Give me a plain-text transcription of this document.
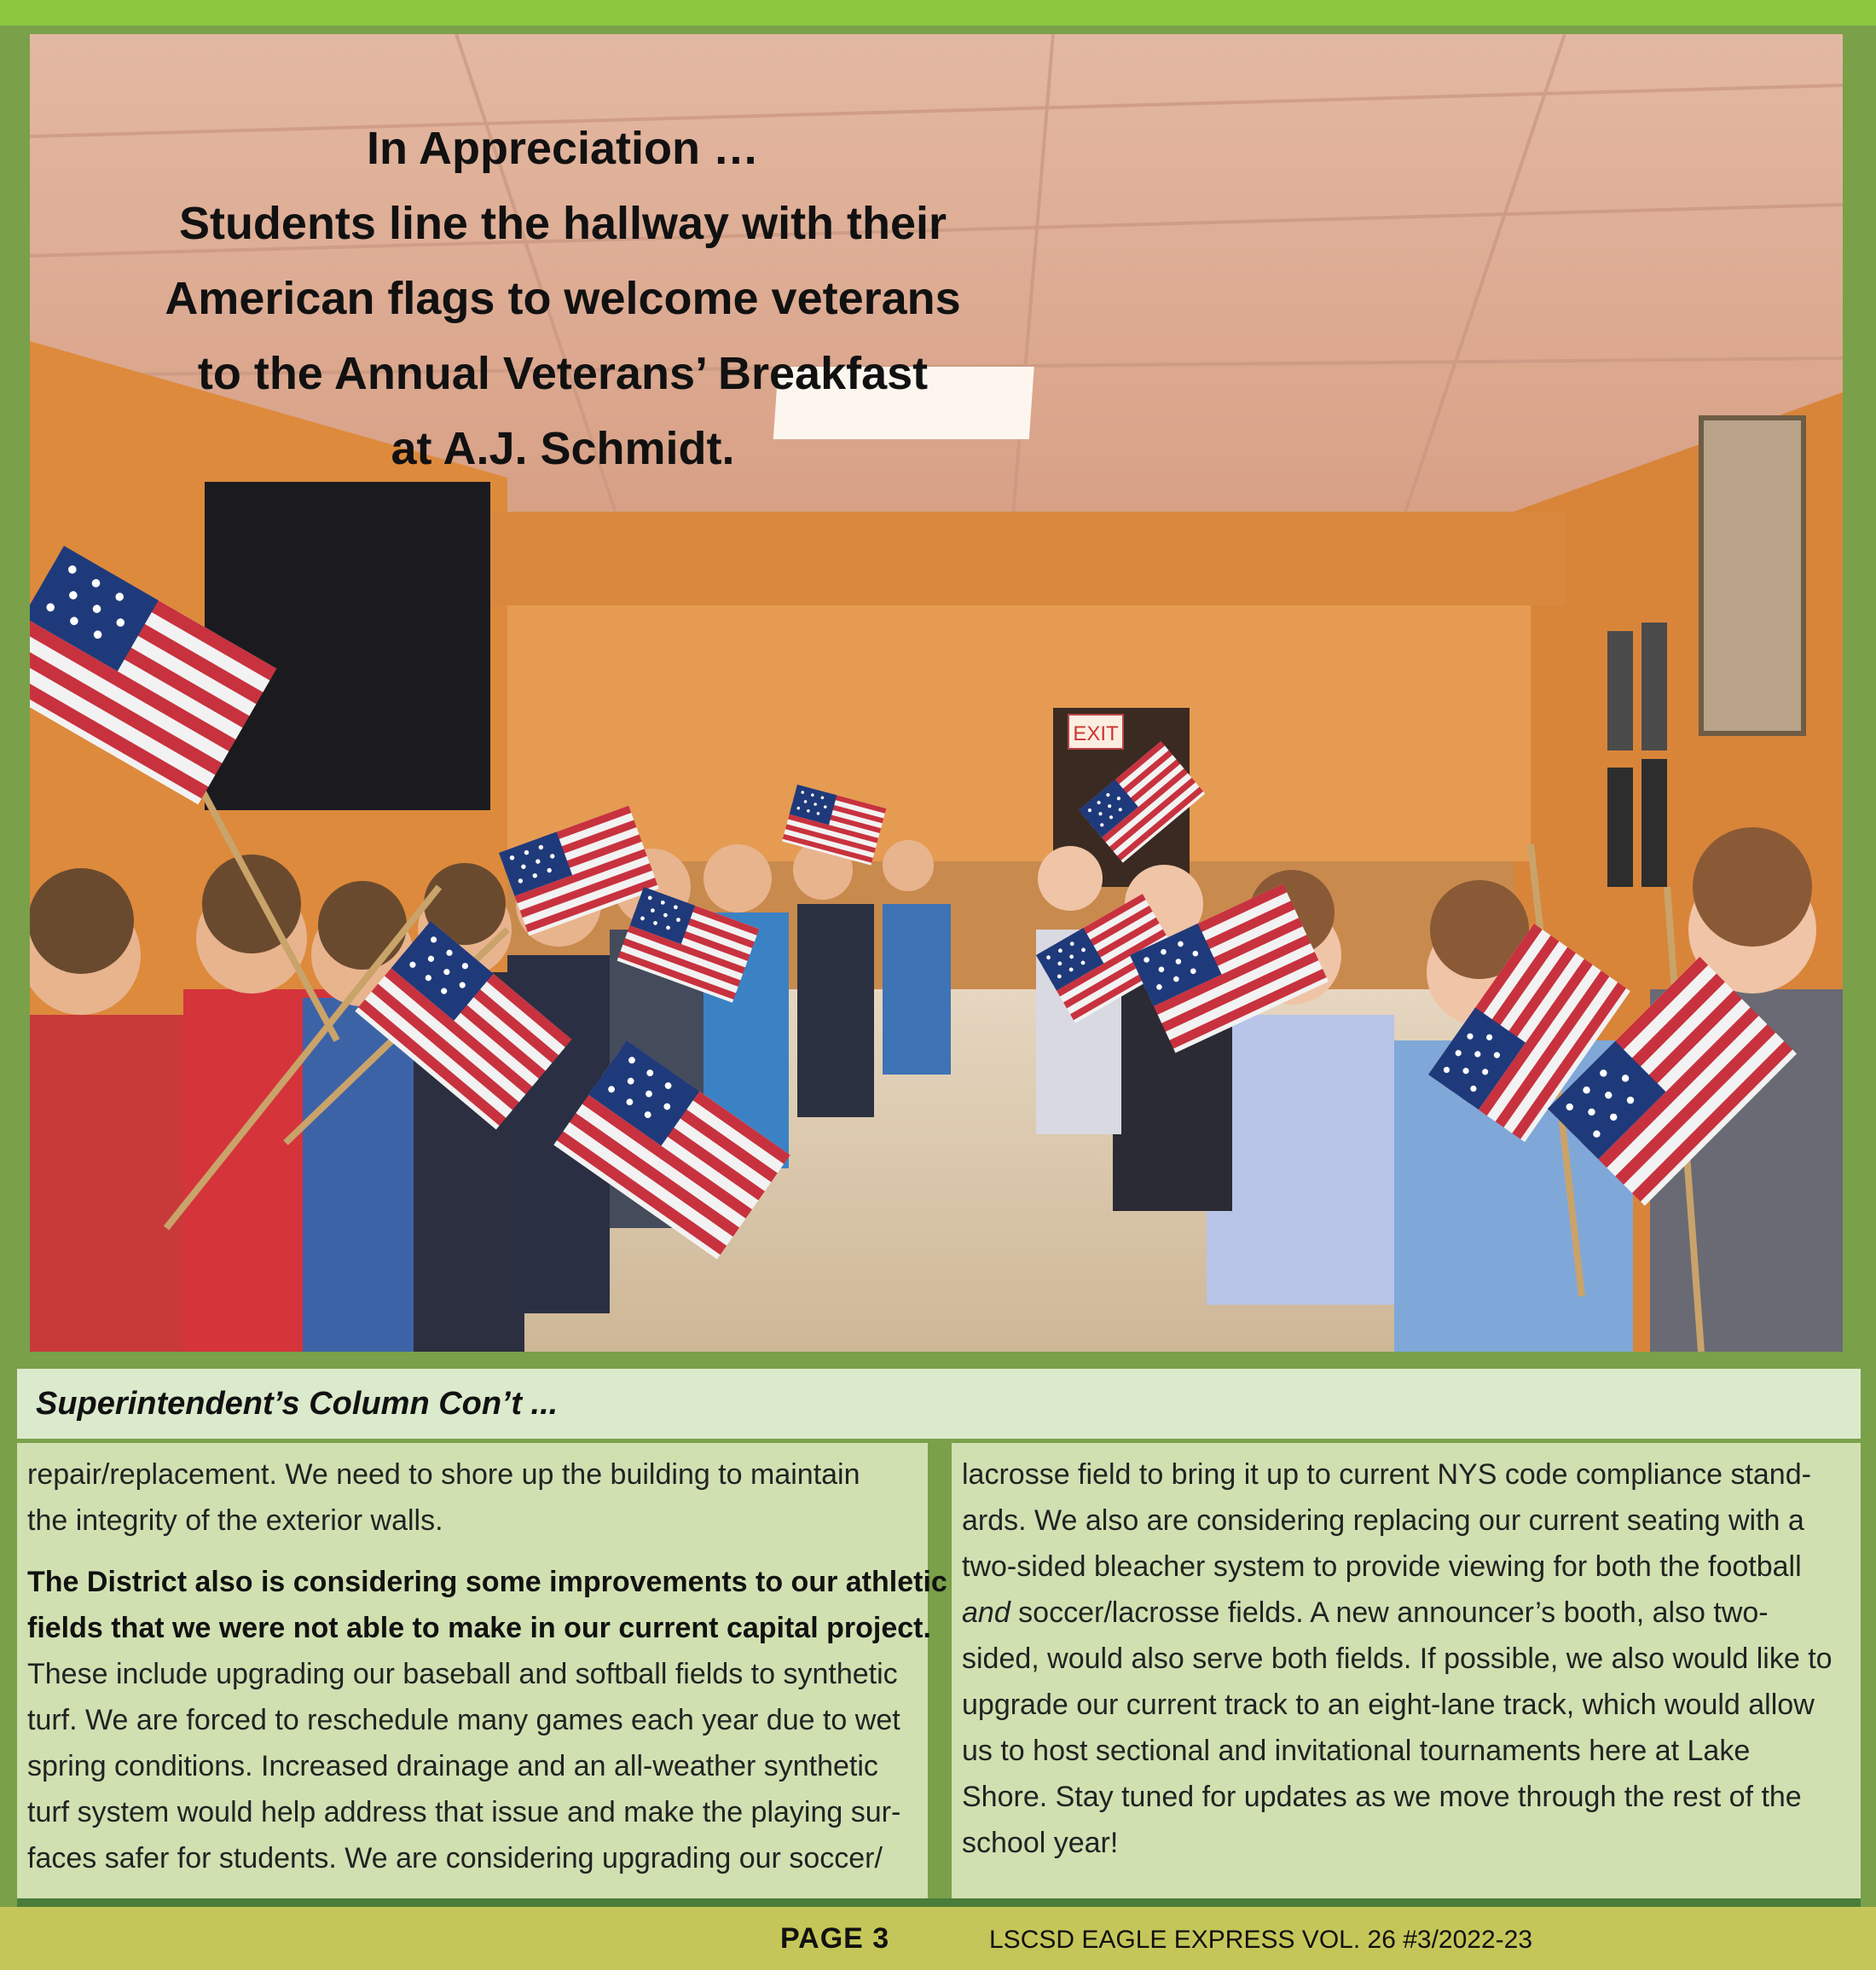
EXIT
In Appreciation …
Students line the hallway with their
American flags to welcome veterans
to the Annual Veterans’ Breakfast
at A.J. Schmidt.
Superintendent’s Column Con’t ...

repair/replacement. We need to shore up the building to maintain
the integrity of the exterior walls.

The District also is considering some improvements to our athletic
fields that we were not able to make in our current capital project.
These include upgrading our baseball and softball fields to synthetic
turf. We are forced to reschedule many games each year due to wet
spring conditions. Increased drainage and an all-weather synthetic
turf system would help address that issue and make the playing sur-
faces safer for students. We are considering upgrading our soccer/

lacrosse field to bring it up to current NYS code compliance stand-
ards. We also are considering replacing our current seating with a
two-sided bleacher system to provide viewing for both the football
and soccer/lacrosse fields. A new announcer’s booth, also two-
sided, would also serve both fields. If possible, we also would like to
upgrade our current track to an eight-lane track, which would allow
us to host sectional and invitational tournaments here at Lake
Shore. Stay tuned for updates as we move through the rest of the
school year!

PAGE 3	LSCSD EAGLE EXPRESS VOL. 26 #3/2022-23
